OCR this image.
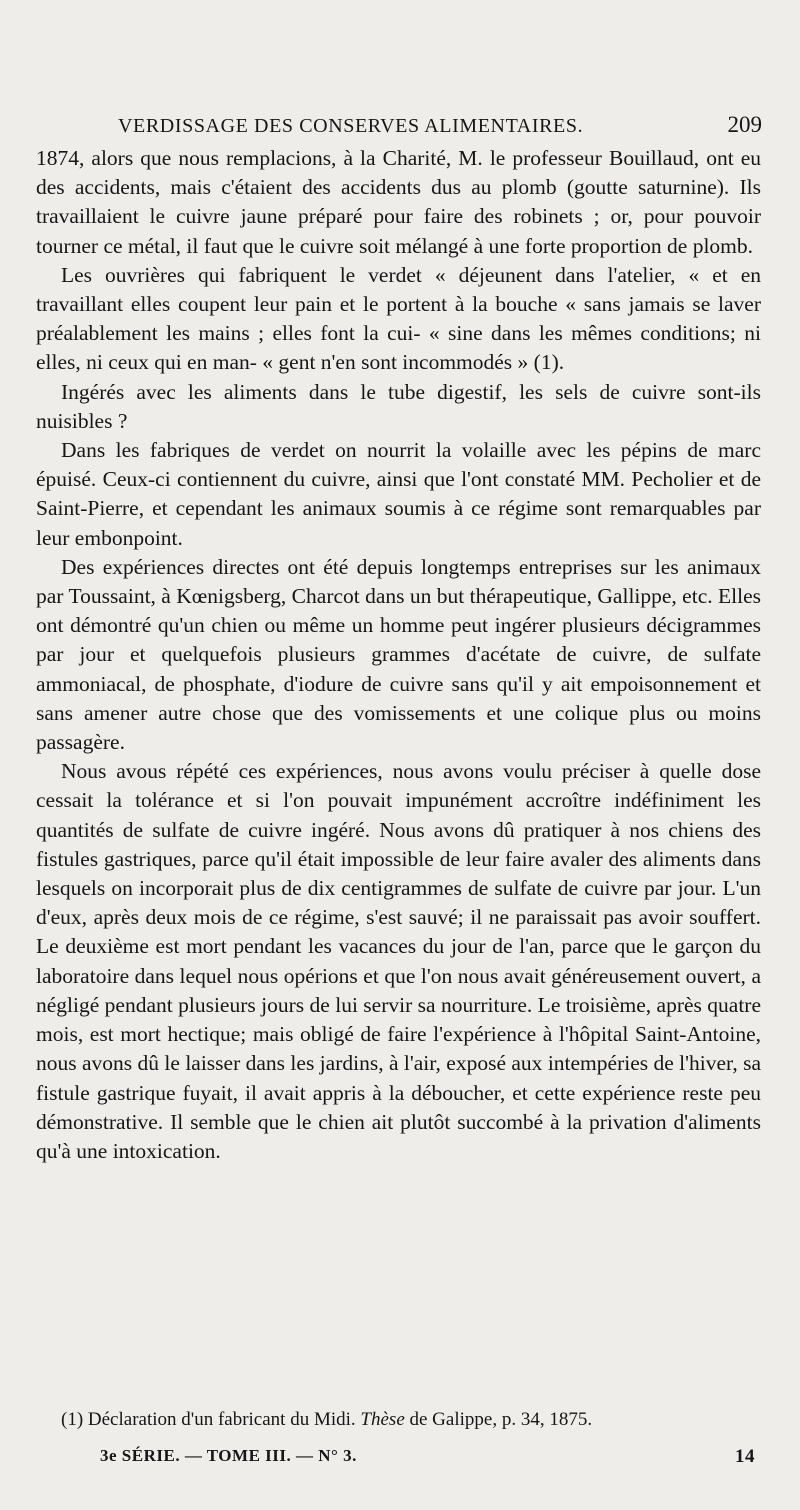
VERDISSAGE DES CONSERVES ALIMENTAIRES.	209

1874, alors que nous remplacions, à la Charité, M. le professeur Bouillaud, ont eu des accidents, mais c'étaient des accidents dus au plomb (goutte saturnine). Ils travaillaient le cuivre jaune préparé pour faire des robinets ; or, pour pouvoir tourner ce métal, il faut que le cuivre soit mélangé à une forte proportion de plomb.

Les ouvrières qui fabriquent le verdet « déjeunent dans l'atelier, « et en travaillant elles coupent leur pain et le portent à la bouche « sans jamais se laver préalablement les mains ; elles font la cui- « sine dans les mêmes conditions; ni elles, ni ceux qui en man- « gent n'en sont incommodés » (1).

Ingérés avec les aliments dans le tube digestif, les sels de cuivre sont-ils nuisibles ?

Dans les fabriques de verdet on nourrit la volaille avec les pépins de marc épuisé. Ceux-ci contiennent du cuivre, ainsi que l'ont constaté MM. Pecholier et de Saint-Pierre, et cependant les animaux soumis à ce régime sont remarquables par leur embonpoint.

Des expériences directes ont été depuis longtemps entreprises sur les animaux par Toussaint, à Kœnigsberg, Charcot dans un but thérapeutique, Gallippe, etc. Elles ont démontré qu'un chien ou même un homme peut ingérer plusieurs décigrammes par jour et quelquefois plusieurs grammes d'acétate de cuivre, de sulfate ammoniacal, de phosphate, d'iodure de cuivre sans qu'il y ait empoisonnement et sans amener autre chose que des vomissements et une colique plus ou moins passagère.

Nous avous répété ces expériences, nous avons voulu préciser à quelle dose cessait la tolérance et si l'on pouvait impunément accroître indéfiniment les quantités de sulfate de cuivre ingéré. Nous avons dû pratiquer à nos chiens des fistules gastriques, parce qu'il était impossible de leur faire avaler des aliments dans lesquels on incorporait plus de dix centigrammes de sulfate de cuivre par jour. L'un d'eux, après deux mois de ce régime, s'est sauvé; il ne paraissait pas avoir souffert. Le deuxième est mort pendant les vacances du jour de l'an, parce que le garçon du laboratoire dans lequel nous opérions et que l'on nous avait généreusement ouvert, a négligé pendant plusieurs jours de lui servir sa nourriture. Le troisième, après quatre mois, est mort hectique; mais obligé de faire l'expérience à l'hôpital Saint-Antoine, nous avons dû le laisser dans les jardins, à l'air, exposé aux intempéries de l'hiver, sa fistule gastrique fuyait, il avait appris à la déboucher, et cette expérience reste peu démonstrative. Il semble que le chien ait plutôt succombé à la privation d'aliments qu'à une intoxication.

(1) Déclaration d'un fabricant du Midi. Thèse de Galippe, p. 34, 1875.
3e SÉRIE. — TOME III. — N° 3.	14
